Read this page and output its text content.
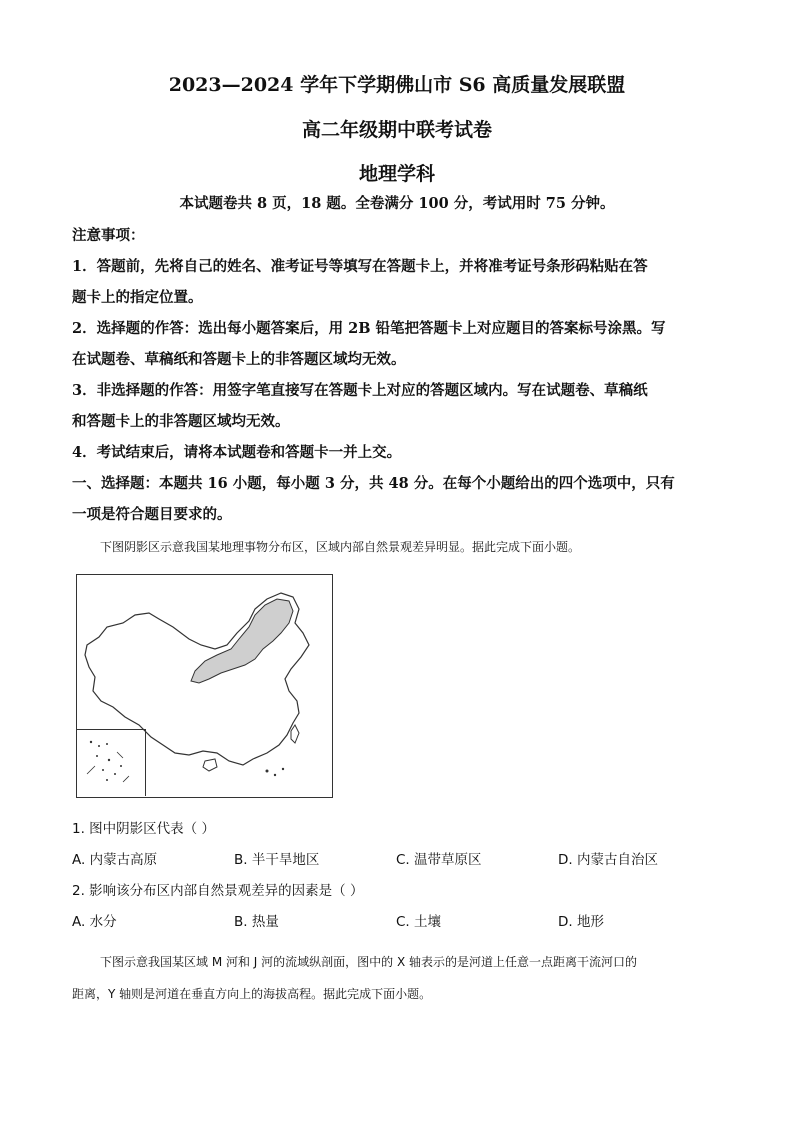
2023—2024 学年下学期佛山市 S6 高质量发展联盟
高二年级期中联考试卷
地理学科
本试题卷共 8 页，18 题。全卷满分 100 分，考试用时 75 分钟。
注意事项：
1．答题前，先将自己的姓名、准考证号等填写在答题卡上，并将准考证号条形码粘贴在答
题卡上的指定位置。
2．选择题的作答：选出每小题答案后，用 2B 铅笔把答题卡上对应题目的答案标号涂黑。写
在试题卷、草稿纸和答题卡上的非答题区域均无效。
3．非选择题的作答：用签字笔直接写在答题卡上对应的答题区域内。写在试题卷、草稿纸
和答题卡上的非答题区域均无效。
4．考试结束后，请将本试题卷和答题卡一并上交。
一、选择题：本题共 16 小题，每小题 3 分，共 48 分。在每个小题给出的四个选项中，只有
一项是符合题目要求的。
下图阴影区示意我国某地理事物分布区，区域内部自然景观差异明显。据此完成下面小题。
1. 图中阴影区代表（ ）
A. 内蒙古高原	B. 半干旱地区	C. 温带草原区	D. 内蒙古自治区
2. 影响该分布区内部自然景观差异的因素是（ ）
A. 水分	B. 热量	C. 土壤	D. 地形
下图示意我国某区域 M 河和 J 河的流域纵剖面，图中的 X 轴表示的是河道上任意一点距离干流河口的
距离，Y 轴则是河道在垂直方向上的海拔高程。据此完成下面小题。
